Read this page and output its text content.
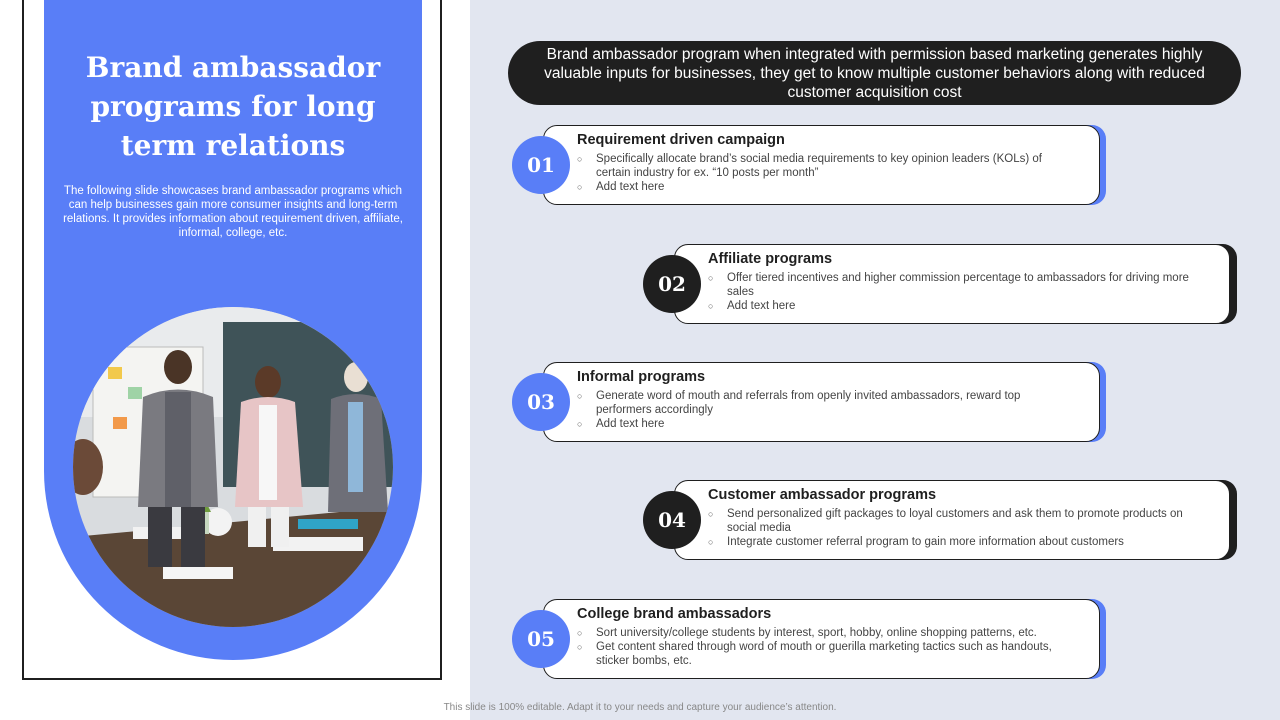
Brand ambassador programs for long term relations
The following slide showcases brand ambassador programs which can help businesses gain more consumer insights and long-term relations. It provides information about requirement driven, affiliate, informal, college, etc.
Brand ambassador program when integrated with permission based marketing generates highly valuable inputs for businesses, they get to know multiple customer behaviors along with reduced customer acquisition cost
Requirement driven campaign
○ Specifically allocate brand’s social media requirements to key opinion leaders (KOLs) of certain industry for ex. “10 posts per month”
○ Add text here
01
Affiliate programs
○ Offer tiered incentives and higher commission percentage to ambassadors for driving more sales
○ Add text here
02
Informal programs
○ Generate word of mouth and referrals from openly invited ambassadors, reward top performers accordingly
○ Add text here
03
Customer ambassador programs
○ Send personalized gift packages to loyal customers and ask them to promote products on social media
○ Integrate customer referral program to gain more information about customers
04
College brand ambassadors
○ Sort university/college students by interest, sport, hobby, online shopping patterns, etc.
○ Get content shared through word of mouth or guerilla marketing tactics such as handouts, sticker bombs, etc.
05
This slide is 100% editable. Adapt it to your needs and capture your audience’s attention.
